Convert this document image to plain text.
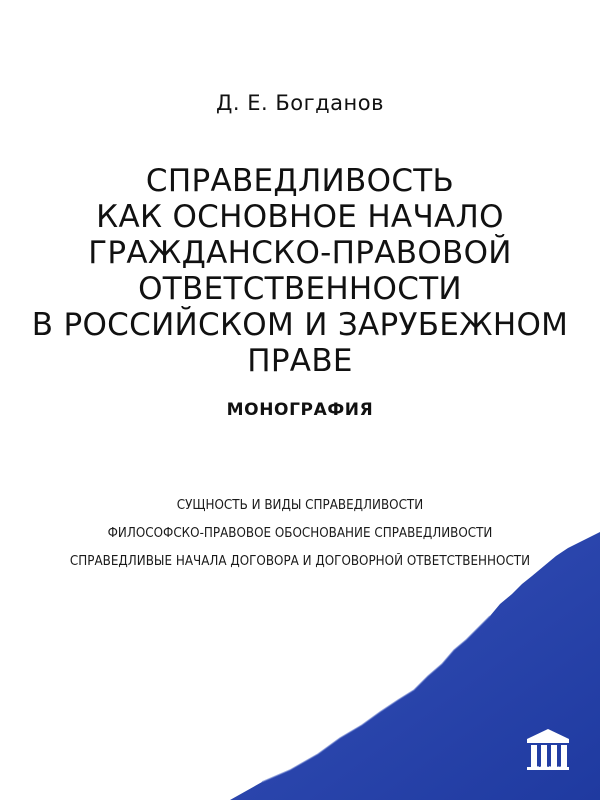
Д. Е. Богданов
СПРАВЕДЛИВОСТЬ
КАК ОСНОВНОЕ НАЧАЛО
ГРАЖДАНСКО-ПРАВОВОЙ
ОТВЕТСТВЕННОСТИ
В РОССИЙСКОМ И ЗАРУБЕЖНОМ
ПРАВЕ
МОНОГРАФИЯ
СУЩНОСТЬ И ВИДЫ СПРАВЕДЛИВОСТИ
ФИЛОСОФСКО-ПРАВОВОЕ ОБОСНОВАНИЕ СПРАВЕДЛИВОСТИ
СПРАВЕДЛИВЫЕ НАЧАЛА ДОГОВОРА И ДОГОВОРНОЙ ОТВЕТСТВЕННОСТИ
ПРОСПЕКТ
